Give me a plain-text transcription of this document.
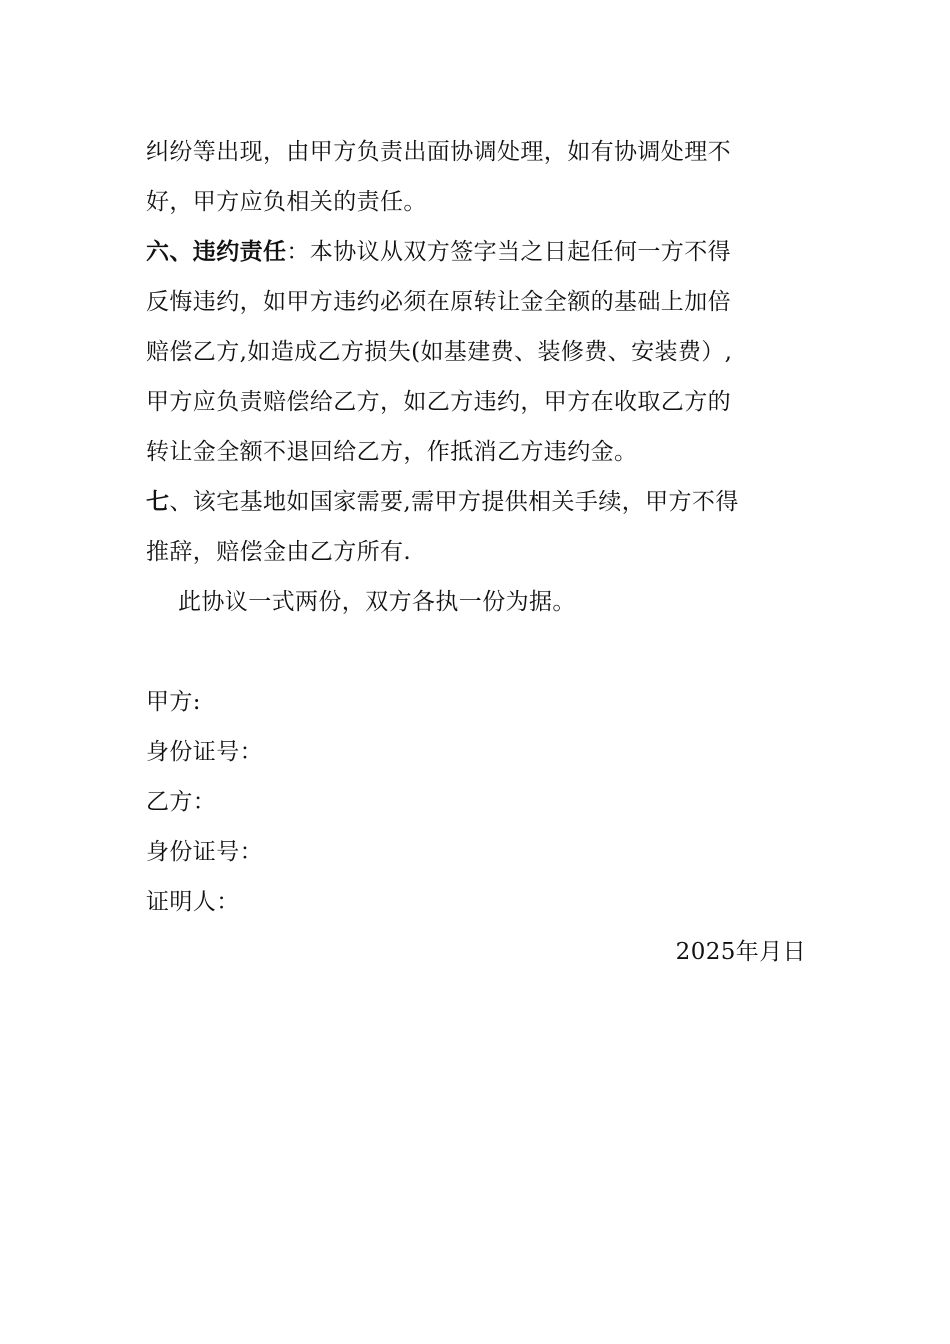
纠纷等出现，由甲方负责出面协调处理，如有协调处理不
好，甲方应负相关的责任。
六、违约责任：本协议从双方签字当之日起任何一方不得
反悔违约，如甲方违约必须在原转让金全额的基础上加倍
赔偿乙方,如造成乙方损失(如基建费、装修费、安装费）,
甲方应负责赔偿给乙方，如乙方违约，甲方在收取乙方的
转让金全额不退回给乙方，作抵消乙方违约金。
七、该宅基地如国家需要,需甲方提供相关手续，甲方不得
推辞，赔偿金由乙方所有.
此协议一式两份，双方各执一份为据。
甲方:
身份证号：
乙方：
身份证号：
证明人：
2025年月日
